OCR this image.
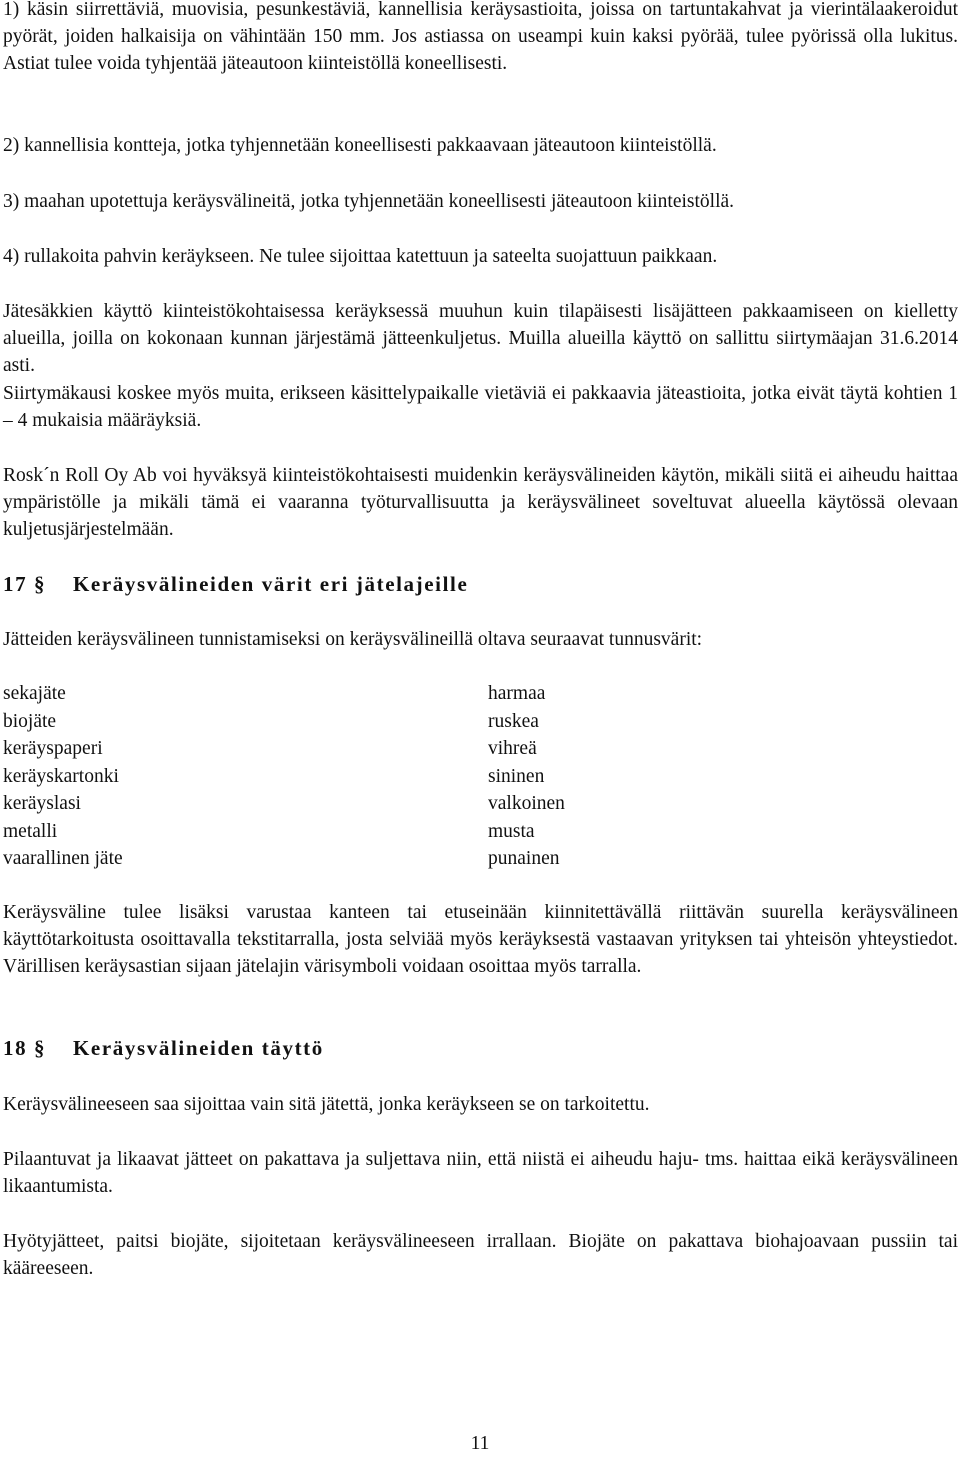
1) käsin siirrettäviä, muovisia, pesunkestäviä, kannellisia keräysastioita, joissa on tartuntakahvat ja vierintälaakeroidut pyörät, joiden halkaisija on vähintään 150 mm. Jos astiassa on useampi kuin kaksi pyörää, tulee pyörissä olla lukitus. Astiat tulee voida tyhjentää jäteautoon kiinteistöllä koneellisesti.

2) kannellisia kontteja, jotka tyhjennetään koneellisesti pakkaavaan jäteautoon kiinteistöllä.

3) maahan upotettuja keräysvälineitä, jotka tyhjennetään koneellisesti jäteautoon kiinteistöllä.

4) rullakoita pahvin keräykseen. Ne tulee sijoittaa katettuun ja sateelta suojattuun paikkaan.

Jätesäkkien käyttö kiinteistökohtaisessa keräyksessä muuhun kuin tilapäisesti lisäjätteen pakkaamiseen on kielletty alueilla, joilla on kokonaan kunnan järjestämä jätteenkuljetus. Muilla alueilla käyttö on sallittu siirtymäajan 31.6.2014 asti.

Siirtymäkausi koskee myös muita, erikseen käsittelypaikalle vietäviä ei pakkaavia jäteastioita, jotka eivät täytä kohtien 1 – 4 mukaisia määräyksiä.

Rosk´n Roll Oy Ab voi hyväksyä kiinteistökohtaisesti muidenkin keräysvälineiden käytön, mikäli siitä ei aiheudu haittaa ympäristölle ja mikäli tämä ei vaaranna työturvallisuutta ja keräysvälineet soveltuvat alueella käytössä olevaan kuljetusjärjestelmään.

17 § Keräysvälineiden värit eri jätelajeille

Jätteiden keräysvälineen tunnistamiseksi on keräysvälineillä oltava seuraavat tunnusvärit:

sekajäte	harmaa
biojäte	ruskea
keräyspaperi	vihreä
keräyskartonki	sininen
keräyslasi	valkoinen
metalli	musta
vaarallinen jäte	punainen

Keräysväline tulee lisäksi varustaa kanteen tai etuseinään kiinnitettävällä riittävän suurella keräysvälineen käyttötarkoitusta osoittavalla tekstitarralla, josta selviää myös keräyksestä vastaavan yrityksen tai yhteisön yhteystiedot. Värillisen keräysastian sijaan jätelajin värisymboli voidaan osoittaa myös tarralla.

18 § Keräysvälineiden täyttö

Keräysvälineeseen saa sijoittaa vain sitä jätettä, jonka keräykseen se on tarkoitettu.

Pilaantuvat ja likaavat jätteet on pakattava ja suljettava niin, että niistä ei aiheudu haju- tms. haittaa eikä keräysvälineen likaantumista.

Hyötyjätteet, paitsi biojäte, sijoitetaan keräysvälineeseen irrallaan. Biojäte on pakattava biohajoavaan pussiin tai kääreeseen.

11
